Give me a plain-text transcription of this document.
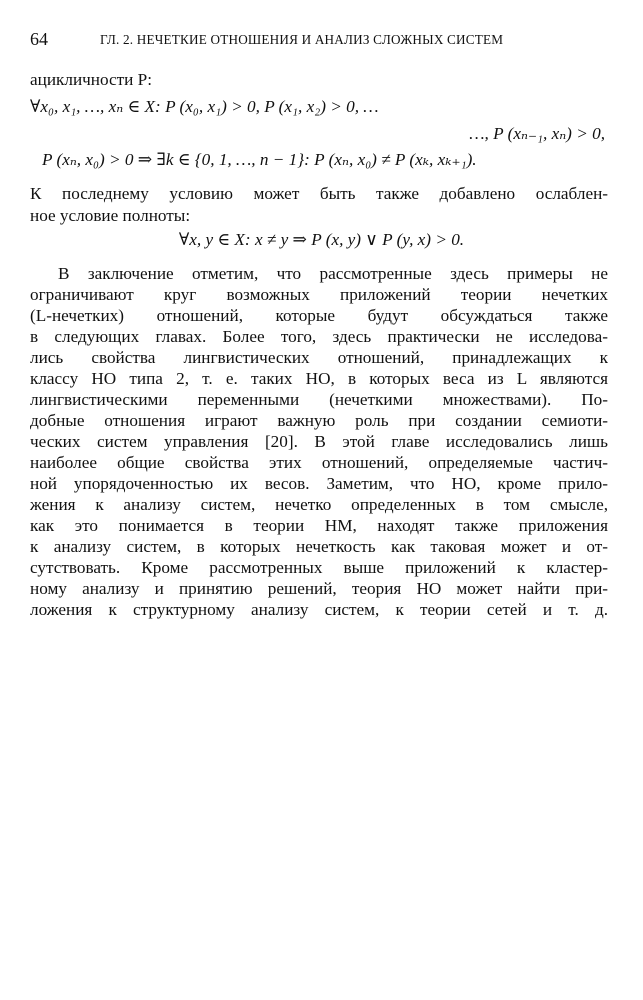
64	ГЛ. 2. НЕЧЕТКИЕ ОТНОШЕНИЯ И АНАЛИЗ СЛОЖНЫХ СИСТЕМ
ацикличности P:
∀x₀, x₁, …, xₙ ∈ X: P (x₀, x₁) > 0, P (x₁, x₂) > 0, …
…, P (xₙ₋₁, xₙ) > 0,
P (xₙ, x₀) > 0 ⇒ ∃k ∈ {0, 1, …, n − 1}: P (xₙ, x₀) ≠ P (xₖ, xₖ₊₁).
К последнему условию может быть также добавлено ослаблен-
ное условие полноты:
∀x, y ∈ X: x ≠ y ⇒ P (x, y) ∨ P (y, x) > 0.
В заключение отметим, что рассмотренные здесь примеры не
ограничивают круг возможных приложений теории нечетких
(L-нечетких) отношений, которые будут обсуждаться также
в следующих главах. Более того, здесь практически не исследова-
лись свойства лингвистических отношений, принадлежащих к
классу НО типа 2, т. е. таких НО, в которых веса из L являются
лингвистическими переменными (нечеткими множествами). По-
добные отношения играют важную роль при создании семиоти-
ческих систем управления [20]. В этой главе исследовались лишь
наиболее общие свойства этих отношений, определяемые частич-
ной упорядоченностью их весов. Заметим, что НО, кроме прило-
жения к анализу систем, нечетко определенных в том смысле,
как это понимается в теории НМ, находят также приложения
к анализу систем, в которых нечеткость как таковая может и от-
сутствовать. Кроме рассмотренных выше приложений к кластер-
ному анализу и принятию решений, теория НО может найти при-
ложения к структурному анализу систем, к теории сетей и т. д.
